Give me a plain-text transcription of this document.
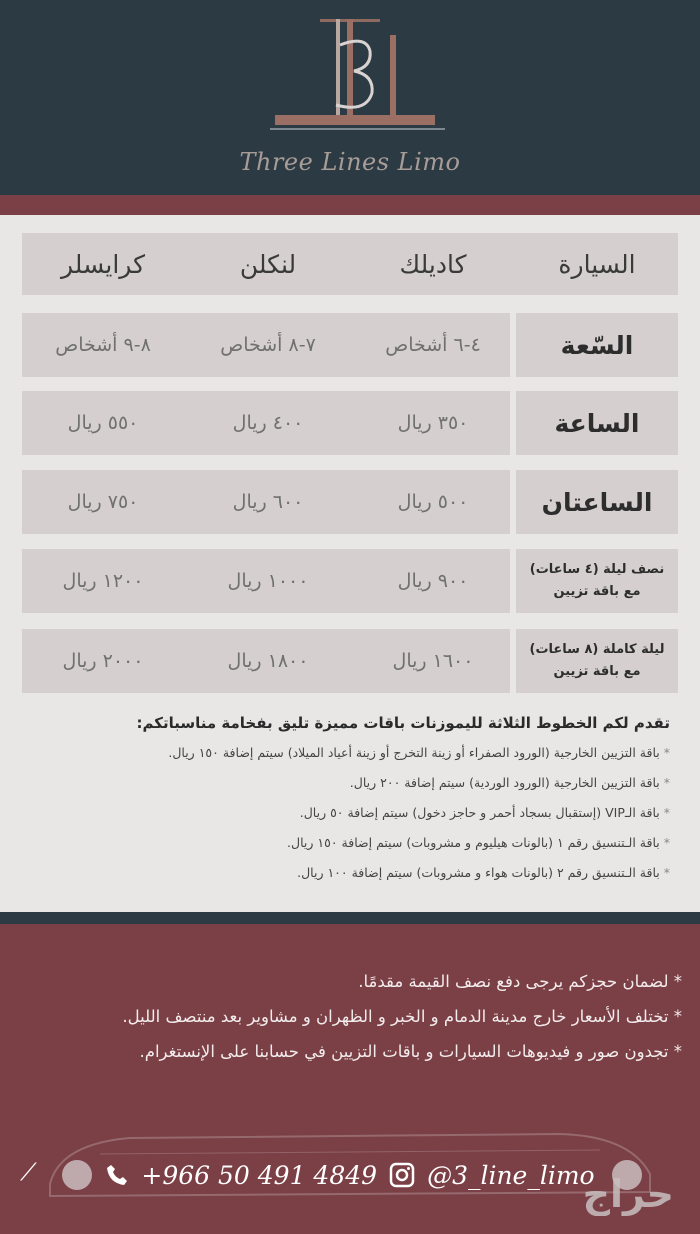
Three Lines Limo
السيارة
كاديلك
لنكلن
كرايسلر
السّعة
٤-٦ أشخاص
٧-٨ أشخاص
٨-٩ أشخاص
الساعة
٣٥٠ ريال
٤٠٠ ريال
٥٥٠ ريال
الساعتان
٥٠٠ ريال
٦٠٠ ريال
٧٥٠ ريال
نصف ليلة (٤ ساعات)
مع باقة تزيين
٩٠٠ ريال
١٠٠٠ ريال
١٢٠٠ ريال
ليلة كاملة (٨ ساعات)
مع باقة تزيين
١٦٠٠ ريال
١٨٠٠ ريال
٢٠٠٠ ريال
تقدم لكم الخطوط الثلاثة لليموزنات باقات مميزة تليق بفخامة مناسباتكم:
* باقة التزيين الخارجية (الورود الصفراء أو زينة التخرج أو زينة أعياد الميلاد) سيتم إضافة ١٥٠ ريال.
* باقة التزيين الخارجية (الورود الوردية) سيتم إضافة ٢٠٠ ريال.
* باقة الـVIP (إستقبال بسجاد أحمر و حاجز دخول) سيتم إضافة ٥٠ ريال.
* باقة الـتنسيق رقم ١ (بالونات هيليوم و مشروبات) سيتم إضافة ١٥٠ ريال.
* باقة الـتنسيق رقم ٢ (بالونات هواء و مشروبات) سيتم إضافة ١٠٠ ريال.
* لضمان حجزكم يرجى دفع نصف القيمة مقدمًا.
* تختلف الأسعار خارج مدينة الدمام و الخبر و الظهران و مشاوير بعد منتصف الليل.
* تجدون صور و فيديوهات السيارات و باقات التزيين في حسابنا على الإنستغرام.
⟋	+966 50 491 4849 @3_line_limo
حراج
